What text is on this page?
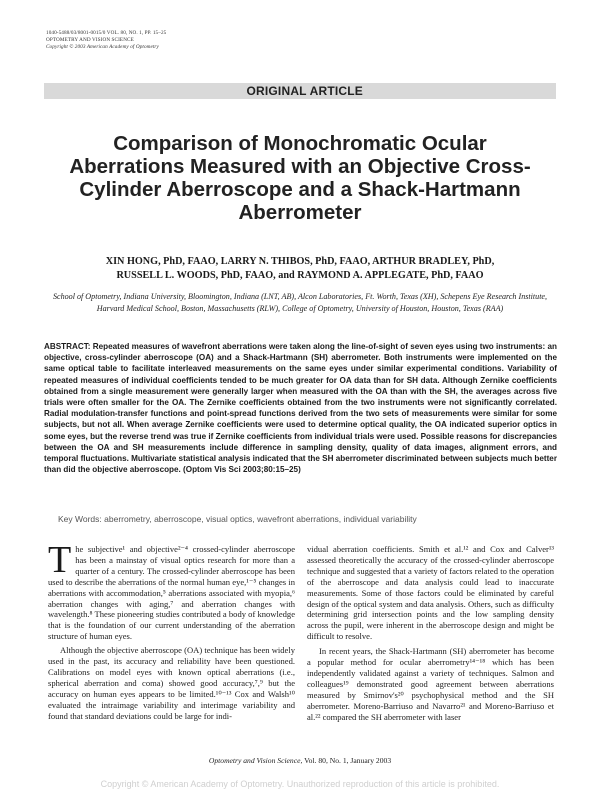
1040-5488/03/8001-0015/0 VOL. 80, NO. 1, PP. 15–25
OPTOMETRY AND VISION SCIENCE
Copyright © 2003 American Academy of Optometry
ORIGINAL ARTICLE
Comparison of Monochromatic Ocular Aberrations Measured with an Objective Cross-Cylinder Aberroscope and a Shack-Hartmann Aberrometer
XIN HONG, PhD, FAAO, LARRY N. THIBOS, PhD, FAAO, ARTHUR BRADLEY, PhD,
RUSSELL L. WOODS, PhD, FAAO, and RAYMOND A. APPLEGATE, PhD, FAAO
School of Optometry, Indiana University, Bloomington, Indiana (LNT, AB), Alcon Laboratories, Ft. Worth, Texas (XH), Schepens Eye Research Institute, Harvard Medical School, Boston, Massachusetts (RLW), College of Optometry, University of Houston, Houston, Texas (RAA)
ABSTRACT: Repeated measures of wavefront aberrations were taken along the line-of-sight of seven eyes using two instruments: an objective, cross-cylinder aberroscope (OA) and a Shack-Hartmann (SH) aberrometer. Both instruments were implemented on the same optical table to facilitate interleaved measurements on the same eyes under similar experimental conditions. Variability of repeated measures of individual coefficients tended to be much greater for OA data than for SH data. Although Zernike coefficients obtained from a single measurement were generally larger when measured with the OA than with the SH, the averages across five trials were often smaller for the OA. The Zernike coefficients obtained from the two instruments were not significantly correlated. Radial modulation-transfer functions and point-spread functions derived from the two sets of measurements were similar for some subjects, but not all. When average Zernike coefficients were used to determine optical quality, the OA indicated superior optics in some eyes, but the reverse trend was true if Zernike coefficients from individual trials were used. Possible reasons for discrepancies between the OA and SH measurements include difference in sampling density, quality of data images, alignment errors, and temporal fluctuations. Multivariate statistical analysis indicated that the SH aberrometer discriminated between subjects much better than did the objective aberroscope. (Optom Vis Sci 2003;80:15–25)
Key Words: aberrometry, aberroscope, visual optics, wavefront aberrations, individual variability

The subjective¹ and objective²⁻⁴ crossed-cylinder aberroscope has been a mainstay of visual optics research for more than a quarter of a century. The crossed-cylinder aberroscope has been used to describe the aberrations of the normal human eye,¹⁻⁵ changes in aberrations with accommodation,⁵ aberrations associated with myopia,⁶ aberration changes with aging,⁷ and aberration changes with wavelength.⁸ These pioneering studies contributed a body of knowledge that is the foundation of our current understanding of the aberration structure of human eyes.

Although the objective aberroscope (OA) technique has been widely used in the past, its accuracy and reliability have been questioned. Calibrations on model eyes with known optical aberrations (i.e., spherical aberration and coma) showed good accuracy,⁷,⁹ but the accuracy on human eyes appears to be limited.¹⁰⁻¹³ Cox and Walsh¹⁰ evaluated the intraimage variability and interimage variability and found that standard deviations could be large for indi-

vidual aberration coefficients. Smith et al.¹² and Cox and Calver¹³ assessed theoretically the accuracy of the crossed-cylinder aberroscope technique and suggested that a variety of factors related to the operation of the aberroscope and data analysis could lead to inaccurate measurements. Some of those factors could be eliminated by careful design of the optical system and data analysis. Others, such as difficulty determining grid intersection points and the low sampling density across the pupil, were inherent in the aberroscope design and might be difficult to resolve.

In recent years, the Shack-Hartmann (SH) aberrometer has become a popular method for ocular aberrometry¹⁴⁻¹⁸ which has been independently validated against a variety of techniques. Salmon and colleagues¹⁹ demonstrated good agreement between aberrations measured by Smirnov's²⁰ psychophysical method and the SH aberrometer. Moreno-Barriuso and Navarro²¹ and Moreno-Barriuso et al.²² compared the SH aberrometer with laser

Optometry and Vision Science, Vol. 80, No. 1, January 2003
Copyright © American Academy of Optometry. Unauthorized reproduction of this article is prohibited.
